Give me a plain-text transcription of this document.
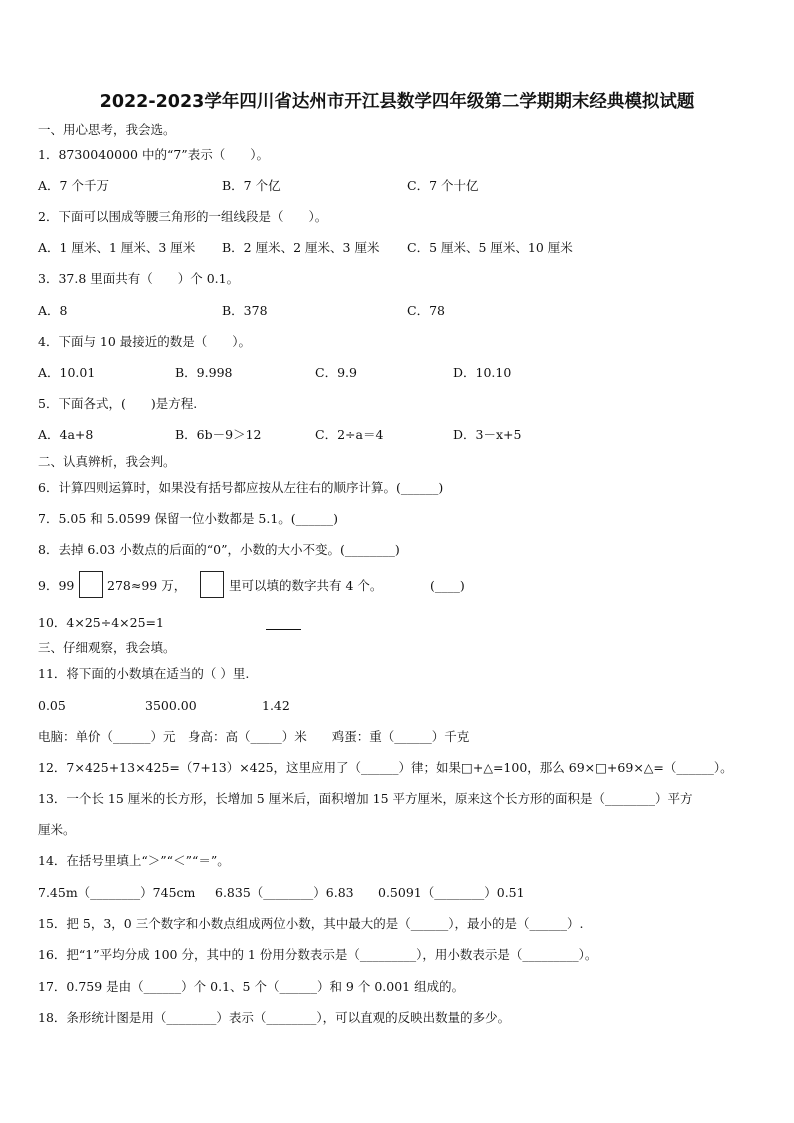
2022-2023学年四川省达州市开江县数学四年级第二学期期末经典模拟试题
一、用心思考，我会选。
1．8730040000 中的“7”表示（　　）。
A．7 个千万	B．7 个亿	C．7 个十亿
2．下面可以围成等腰三角形的一组线段是（　　）。
A．1 厘米、1 厘米、3 厘米 B．2 厘米、2 厘米、3 厘米 C．5 厘米、5 厘米、10 厘米
3．37.8 里面共有（　　）个 0.1。
A．8	B．378	C．78
4．下面与 10 最接近的数是（　　）。
A．10.01	B．9.998	C．9.9	D．10.10
5．下面各式，(　　)是方程.
A．4a+8	B．6b－9＞12	C．2÷a＝4	D．3－x+5
二、认真辨析，我会判。
6．计算四则运算时，如果没有括号都应按从左往右的顺序计算。(______)
7．5.05 和 5.0599 保留一位小数都是 5.1。(______)
8．去掉 6.03 小数点的后面的“0”，小数的大小不变。(________)
9．99	278≈99 万，	里可以填的数字共有 4 个。	(____)
10．4×25÷4×25=1
三、仔细观察，我会填。
11．将下面的小数填在适当的（ ）里.
0.05	3500.00	1.42
电脑：单价（______）元　身高：高（_____）米　　鸡蛋：重（______）千克
12．7×425+13×425=（7+13）×425，这里应用了（______）律；如果□+△=100，那么 69×□+69×△=（______）。
13．一个长 15 厘米的长方形，长增加 5 厘米后，面积增加 15 平方厘米，原来这个长方形的面积是（________）平方
厘米。
14．在括号里填上“＞”“＜”“＝”。
7.45m（________）745cm 6.835（________）6.83 0.5091（________）0.51
15．把 5，3，0 三个数字和小数点组成两位小数，其中最大的是（______），最小的是（______）.
16．把“1”平均分成 100 分，其中的 1 份用分数表示是（_________），用小数表示是（_________）。
17．0.759 是由（______）个 0.1、5 个（______）和 9 个 0.001 组成的。
18．条形统计图是用（________）表示（________），可以直观的反映出数量的多少。
